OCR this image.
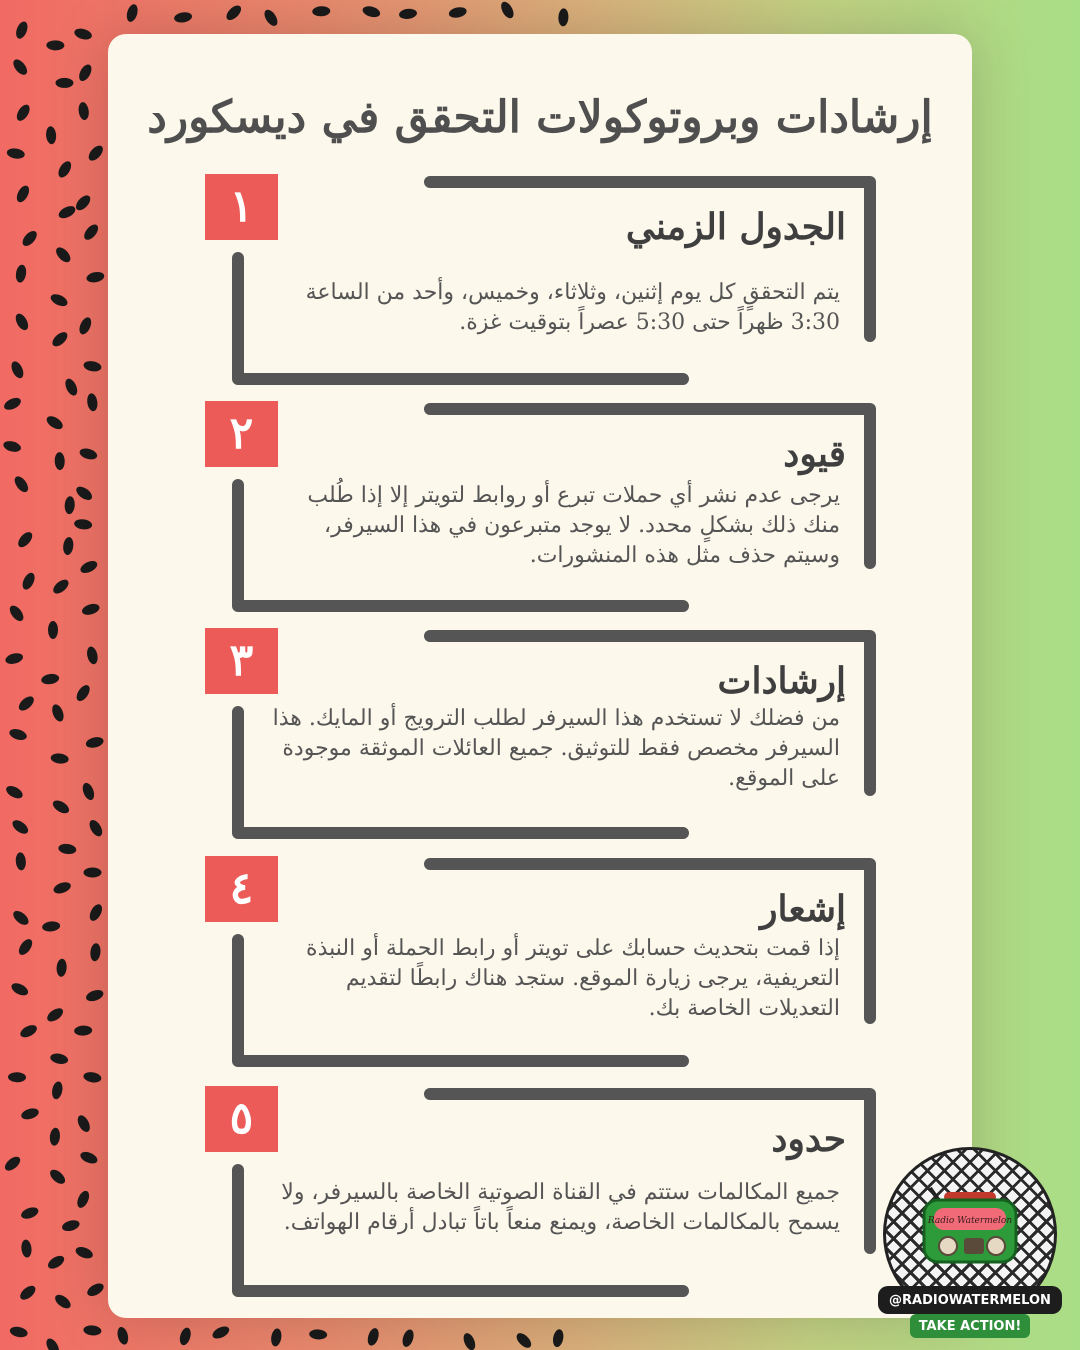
إرشادات وبروتوكولات التحقق في ديسكورد
١	الجدول الزمني
يتم التحققٍ كل يوم إثنين، وثلاثاء، وخميس، وأحد من الساعة 3:30 ظهراً حتى 5:30 عصراً بتوقيت غزة.
٢	قيود
يرجى عدم نشر أي حملات تبرع أو روابط لتويتر إلا إذا طُلب منك ذلك بشكلٍ محدد. لا يوجد متبرعون في هذا السيرفر، وسيتم حذف مثل هذه المنشورات.
٣	إرشادات
من فضلك لا تستخدم هذا السيرفر لطلب الترويج أو المايك. هذا السيرفر مخصص فقط للتوثيق. جميع العائلات الموثقة موجودة على الموقع.
٤	إشعار
إذا قمت بتحديث حسابك على تويتر أو رابط الحملة أو النبذة التعريفية، يرجى زيارة الموقع. ستجد هناك رابطًا لتقديم التعديلات الخاصة بك.
٥	حدود
جميع المكالمات ستتم في القناة الصوتية الخاصة بالسيرفر، ولا يسمح بالمكالمات الخاصة، ويمنع منعاً باتاً تبادل أرقام الهواتف.	Radio Watermelon
@RADIOWATERMELON
TAKE ACTION!
